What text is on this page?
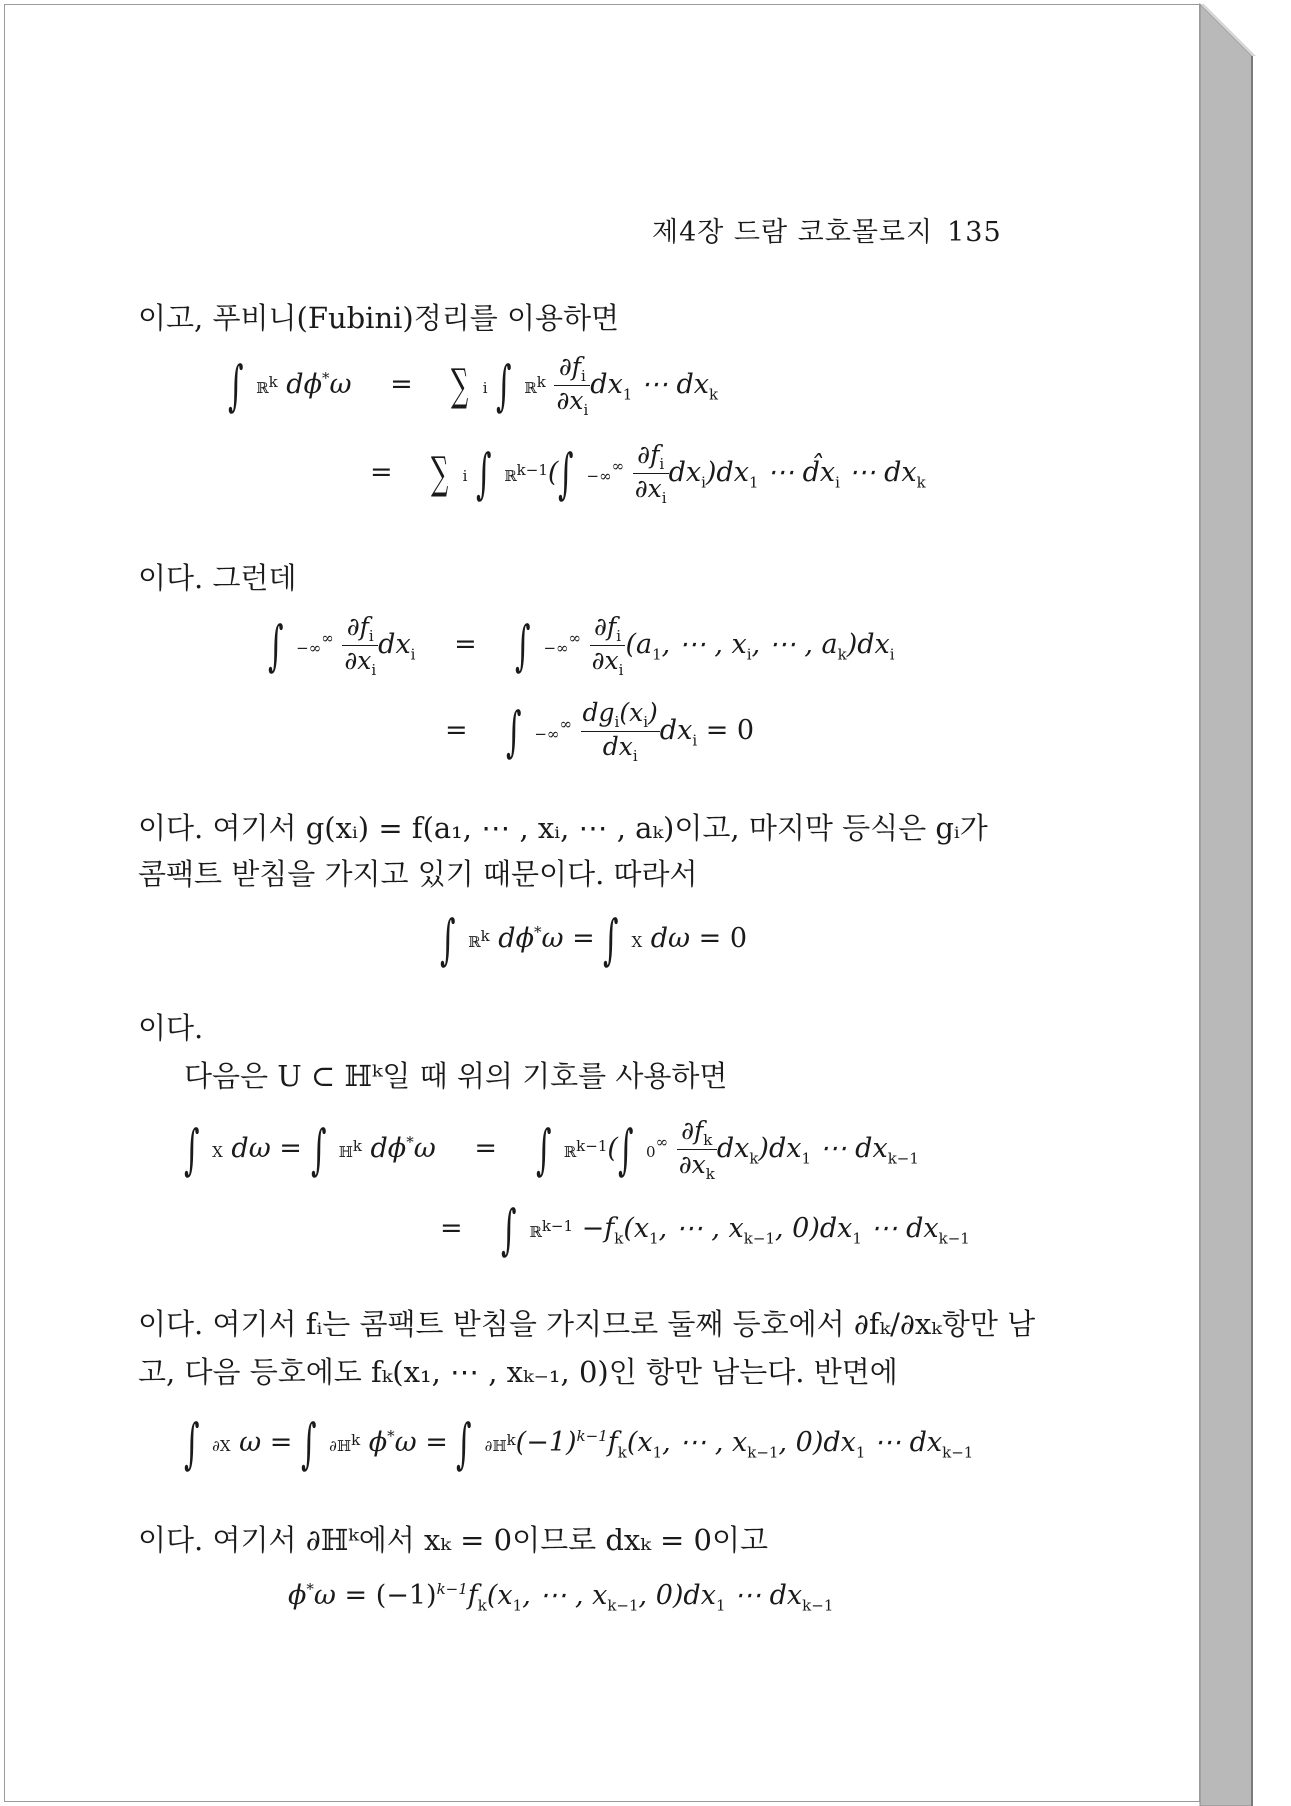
제4장 드람 코호몰로지 135
이고, 푸비니(Fubini)정리를 이용하면
∫ ℝ$^k$ dϕ*ω = ∑ i ∫ ℝ$^k$ $\frac{\partial f_i}{\partial x_i} dx_1$ ⋯ $dx_k$
= ∑ i ∫ ℝ$^{k-1}$(∫ $-\infty^\infty \frac{\partial f_i}{\partial x_i} dx_i)dx_1$ ⋯ $d̂x_i$ ⋯ $dx_k$
이다. 그런데
∫ $-\infty^\infty \frac{\partial f_i}{\partial x_i} dx_i$ = ∫ $-\infty^\infty \frac{\partial f_i}{\partial x_i} (a_1$, ⋯ , $x_i$, ⋯ , $a_k)dx_i$
= ∫ $-\infty^\infty \frac{dg_i(x_i)}{dx_i} dx_i = 0$
이다. 여기서 g(xᵢ) = f(a₁, ⋯ , xᵢ, ⋯ , aₖ)이고, 마지막 등식은 gᵢ가
콤팩트 받침을 가지고 있기 때문이다. 따라서
∫ ℝ$^k$ dϕ*ω = ∫ X dω = 0
이다.
다음은 U ⊂ ℍᵏ일 때 위의 기호를 사용하면
∫ X dω = ∫ ℍ$^k$ dϕ*ω = ∫ ℝ$^{k-1}$(∫ $0^\infty \frac{\partial f_k}{\partial x_k} dx_k)dx_1$ ⋯ $dx_{k-1}$
= ∫ ℝ$^{k-1}$ $-f_k(x_1$, ⋯ , $x_{k-1}$, $0)dx_1$ ⋯ $dx_{k-1}$
이다. 여기서 fᵢ는 콤팩트 받침을 가지므로 둘째 등호에서 ∂fₖ/∂xₖ항만 남
고, 다음 등호에도 fₖ(x₁, ⋯ , xₖ₋₁, 0)인 항만 남는다. 반면에
∫ ∂X ω = ∫ ∂ℍ$^k$ ϕ*ω = ∫ $\partial ℍ^k(-1)^{k-1}f_k(x_1$, ⋯ , $x_{k-1}$, $0)dx_1$ ⋯ $dx_{k-1}$
이다. 여기서 ∂ℍᵏ에서 xₖ = 0이므로 dxₖ = 0이고
$\phi^*\omega = (-1)^{k-1}f_k(x_1$, ⋯ , $x_{k-1}$, $0)dx_1$ ⋯ $dx_{k-1}$
